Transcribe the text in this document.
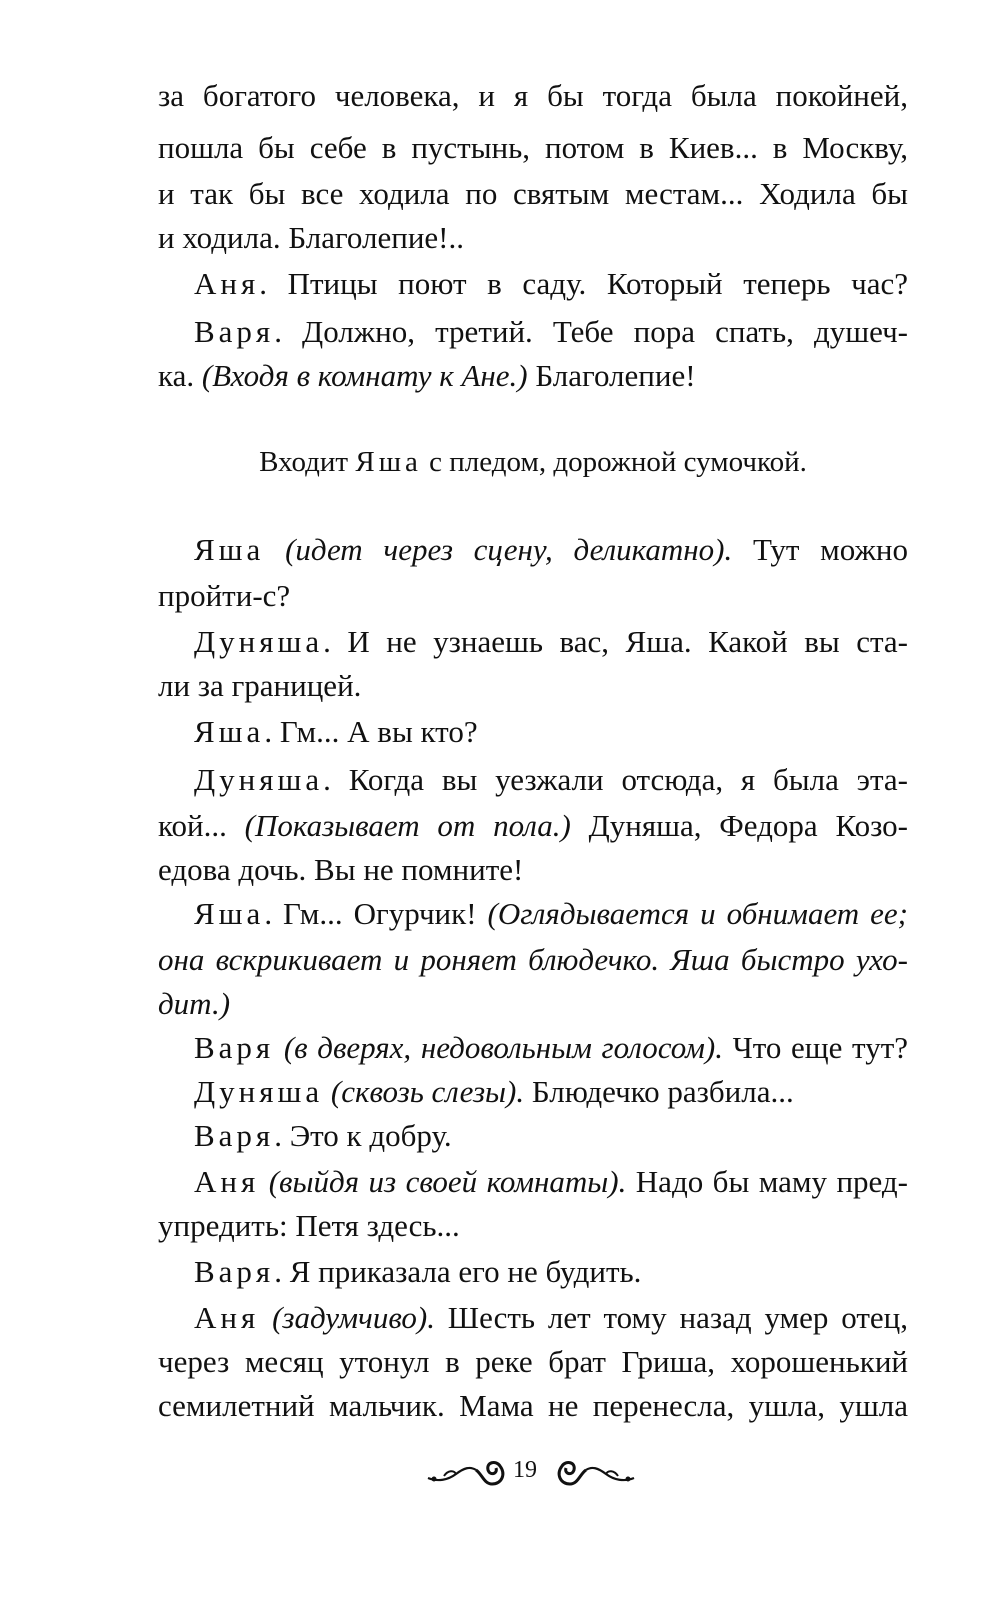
за богатого человека, и я бы тогда была покойней,
пошла бы себе в пустынь, потом в Киев... в Москву,
и так бы все ходила по святым местам... Ходила бы
и ходила. Благолепие!..
Аня. Птицы поют в саду. Который теперь час?
Варя. Должно, третий. Тебе пора спать, душеч-
ка. (Входя в комнату к Ане.) Благолепие!
Входит Яша с пледом, дорожной сумочкой.
Яша (идет через сцену, деликатно). Тут можно
пройти-с?
Дуняша. И не узнаешь вас, Яша. Какой вы ста-
ли за границей.
Яша. Гм... А вы кто?
Дуняша. Когда вы уезжали отсюда, я была эта-
кой... (Показывает от пола.) Дуняша, Федора Козо-
едова дочь. Вы не помните!
Яша. Гм... Огурчик! (Оглядывается и обнимает ее;
она вскрикивает и роняет блюдечко. Яша быстро ухо-
дит.)
Варя (в дверях, недовольным голосом). Что еще тут?
Дуняша (сквозь слезы). Блюдечко разбила...
Варя. Это к добру.
Аня (выйдя из своей комнаты). Надо бы маму пред-
упредить: Петя здесь...
Варя. Я приказала его не будить.
Аня (задумчиво). Шесть лет тому назад умер отец,
через месяц утонул в реке брат Гриша, хорошенький
семилетний мальчик. Мама не перенесла, ушла, ушла
19
